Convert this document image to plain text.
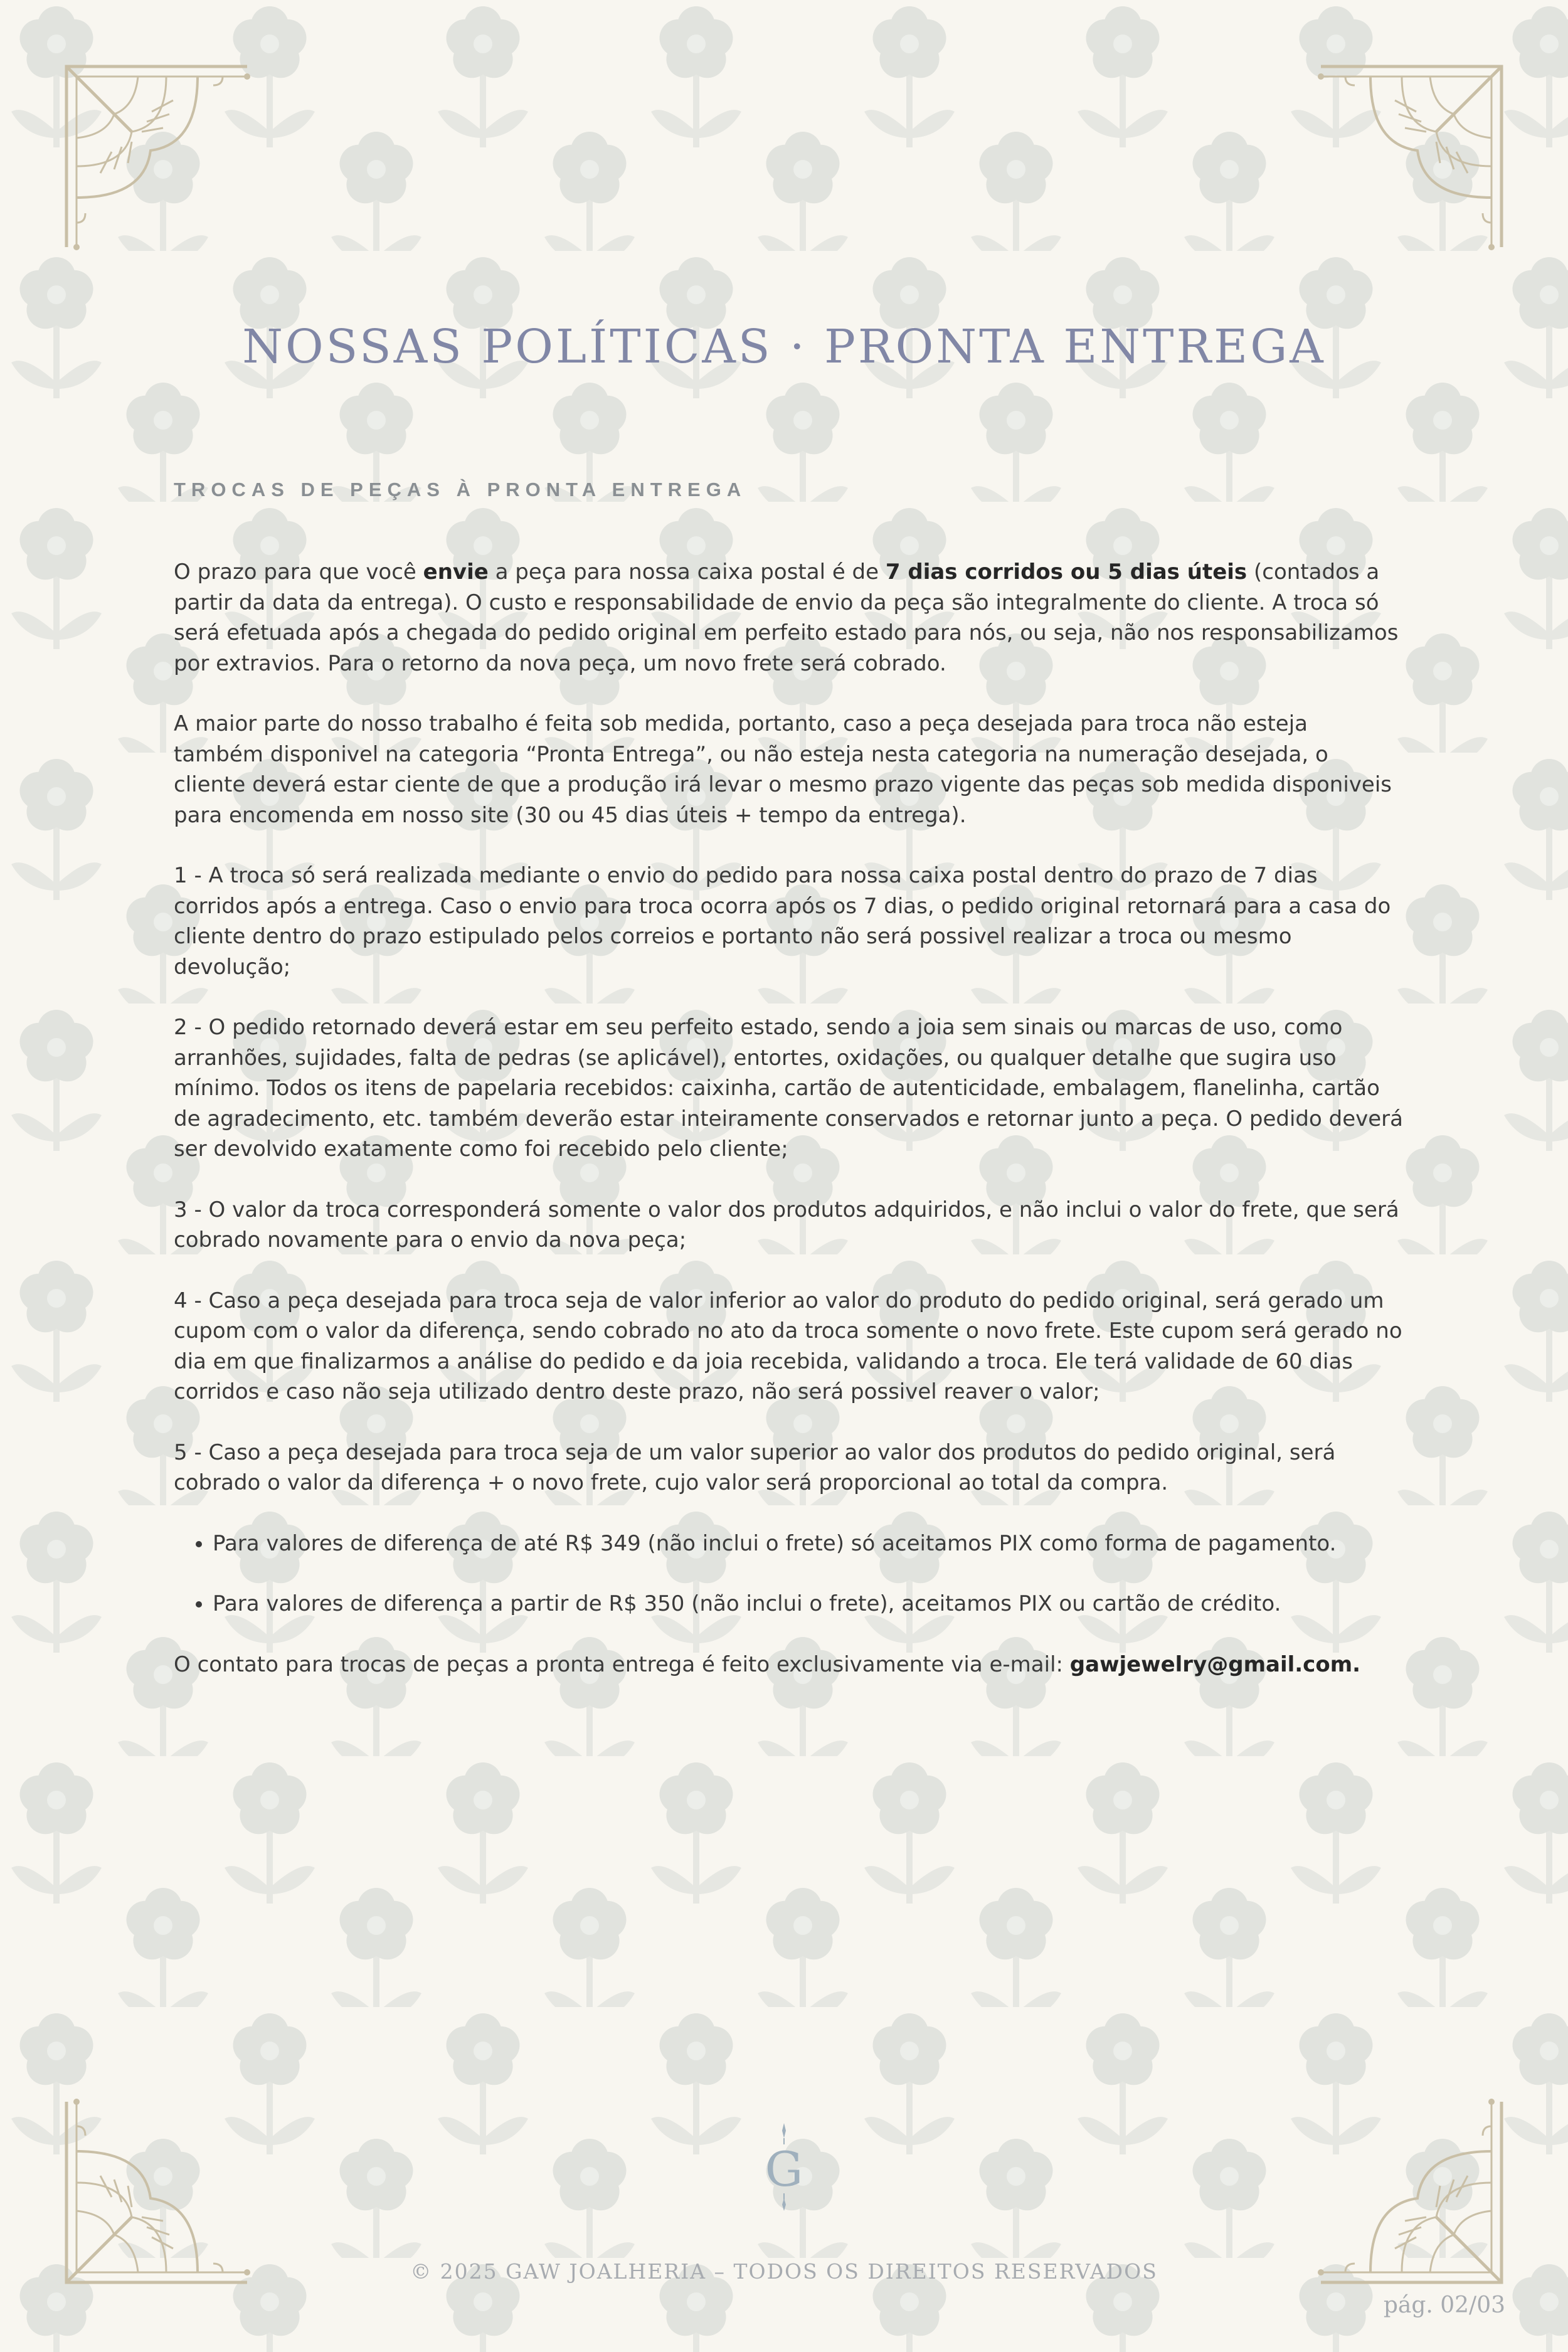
NOSSAS POLÍTICAS · PRONTA ENTREGA
TROCAS DE PEÇAS À PRONTA ENTREGA

O prazo para que você envie a peça para nossa caixa postal é de 7 dias corridos ou 5 dias úteis (contados a partir da data da entrega). O custo e responsabilidade de envio da peça são integralmente do cliente. A troca só será efetuada após a chegada do pedido original em perfeito estado para nós, ou seja, não nos responsabilizamos por extravios. Para o retorno da nova peça, um novo frete será cobrado.

A maior parte do nosso trabalho é feita sob medida, portanto, caso a peça desejada para troca não esteja também disponivel na categoria “Pronta Entrega”, ou não esteja nesta categoria na numeração desejada, o cliente deverá estar ciente de que a produção irá levar o mesmo prazo vigente das peças sob medida disponiveis para encomenda em nosso site (30 ou 45 dias úteis + tempo da entrega).

1 - A troca só será realizada mediante o envio do pedido para nossa caixa postal dentro do prazo de 7 dias corridos após a entrega. Caso o envio para troca ocorra após os 7 dias, o pedido original retornará para a casa do cliente dentro do prazo estipulado pelos correios e portanto não será possivel realizar a troca ou mesmo devolução;

2 - O pedido retornado deverá estar em seu perfeito estado, sendo a joia sem sinais ou marcas de uso, como arranhões, sujidades, falta de pedras (se aplicável), entortes, oxidações, ou qualquer detalhe que sugira uso mínimo. Todos os itens de papelaria recebidos: caixinha, cartão de autenticidade, embalagem, flanelinha, cartão de agradecimento, etc. também deverão estar inteiramente conservados e retornar junto a peça. O pedido deverá ser devolvido exatamente como foi recebido pelo cliente;

3 - O valor da troca corresponderá somente o valor dos produtos adquiridos, e não inclui o valor do frete, que será cobrado novamente para o envio da nova peça;

4 - Caso a peça desejada para troca seja de valor inferior ao valor do produto do pedido original, será gerado um cupom com o valor da diferença, sendo cobrado no ato da troca somente o novo frete. Este cupom será gerado no dia em que finalizarmos a análise do pedido e da joia recebida, validando a troca. Ele terá validade de 60 dias corridos e caso não seja utilizado dentro deste prazo, não será possivel reaver o valor;

5 - Caso a peça desejada para troca seja de um valor superior ao valor dos produtos do pedido original, será cobrado o valor da diferença + o novo frete, cujo valor será proporcional ao total da compra.

• Para valores de diferença de até R$ 349 (não inclui o frete) só aceitamos PIX como forma de pagamento.
• Para valores de diferença a partir de R$ 350 (não inclui o frete), aceitamos PIX ou cartão de crédito.

O contato para trocas de peças a pronta entrega é feito exclusivamente via e-mail: gawjewelry@gmail.com.

G
© 2025 GAW JOALHERIA – TODOS OS DIREITOS RESERVADOS
pág. 02/03
